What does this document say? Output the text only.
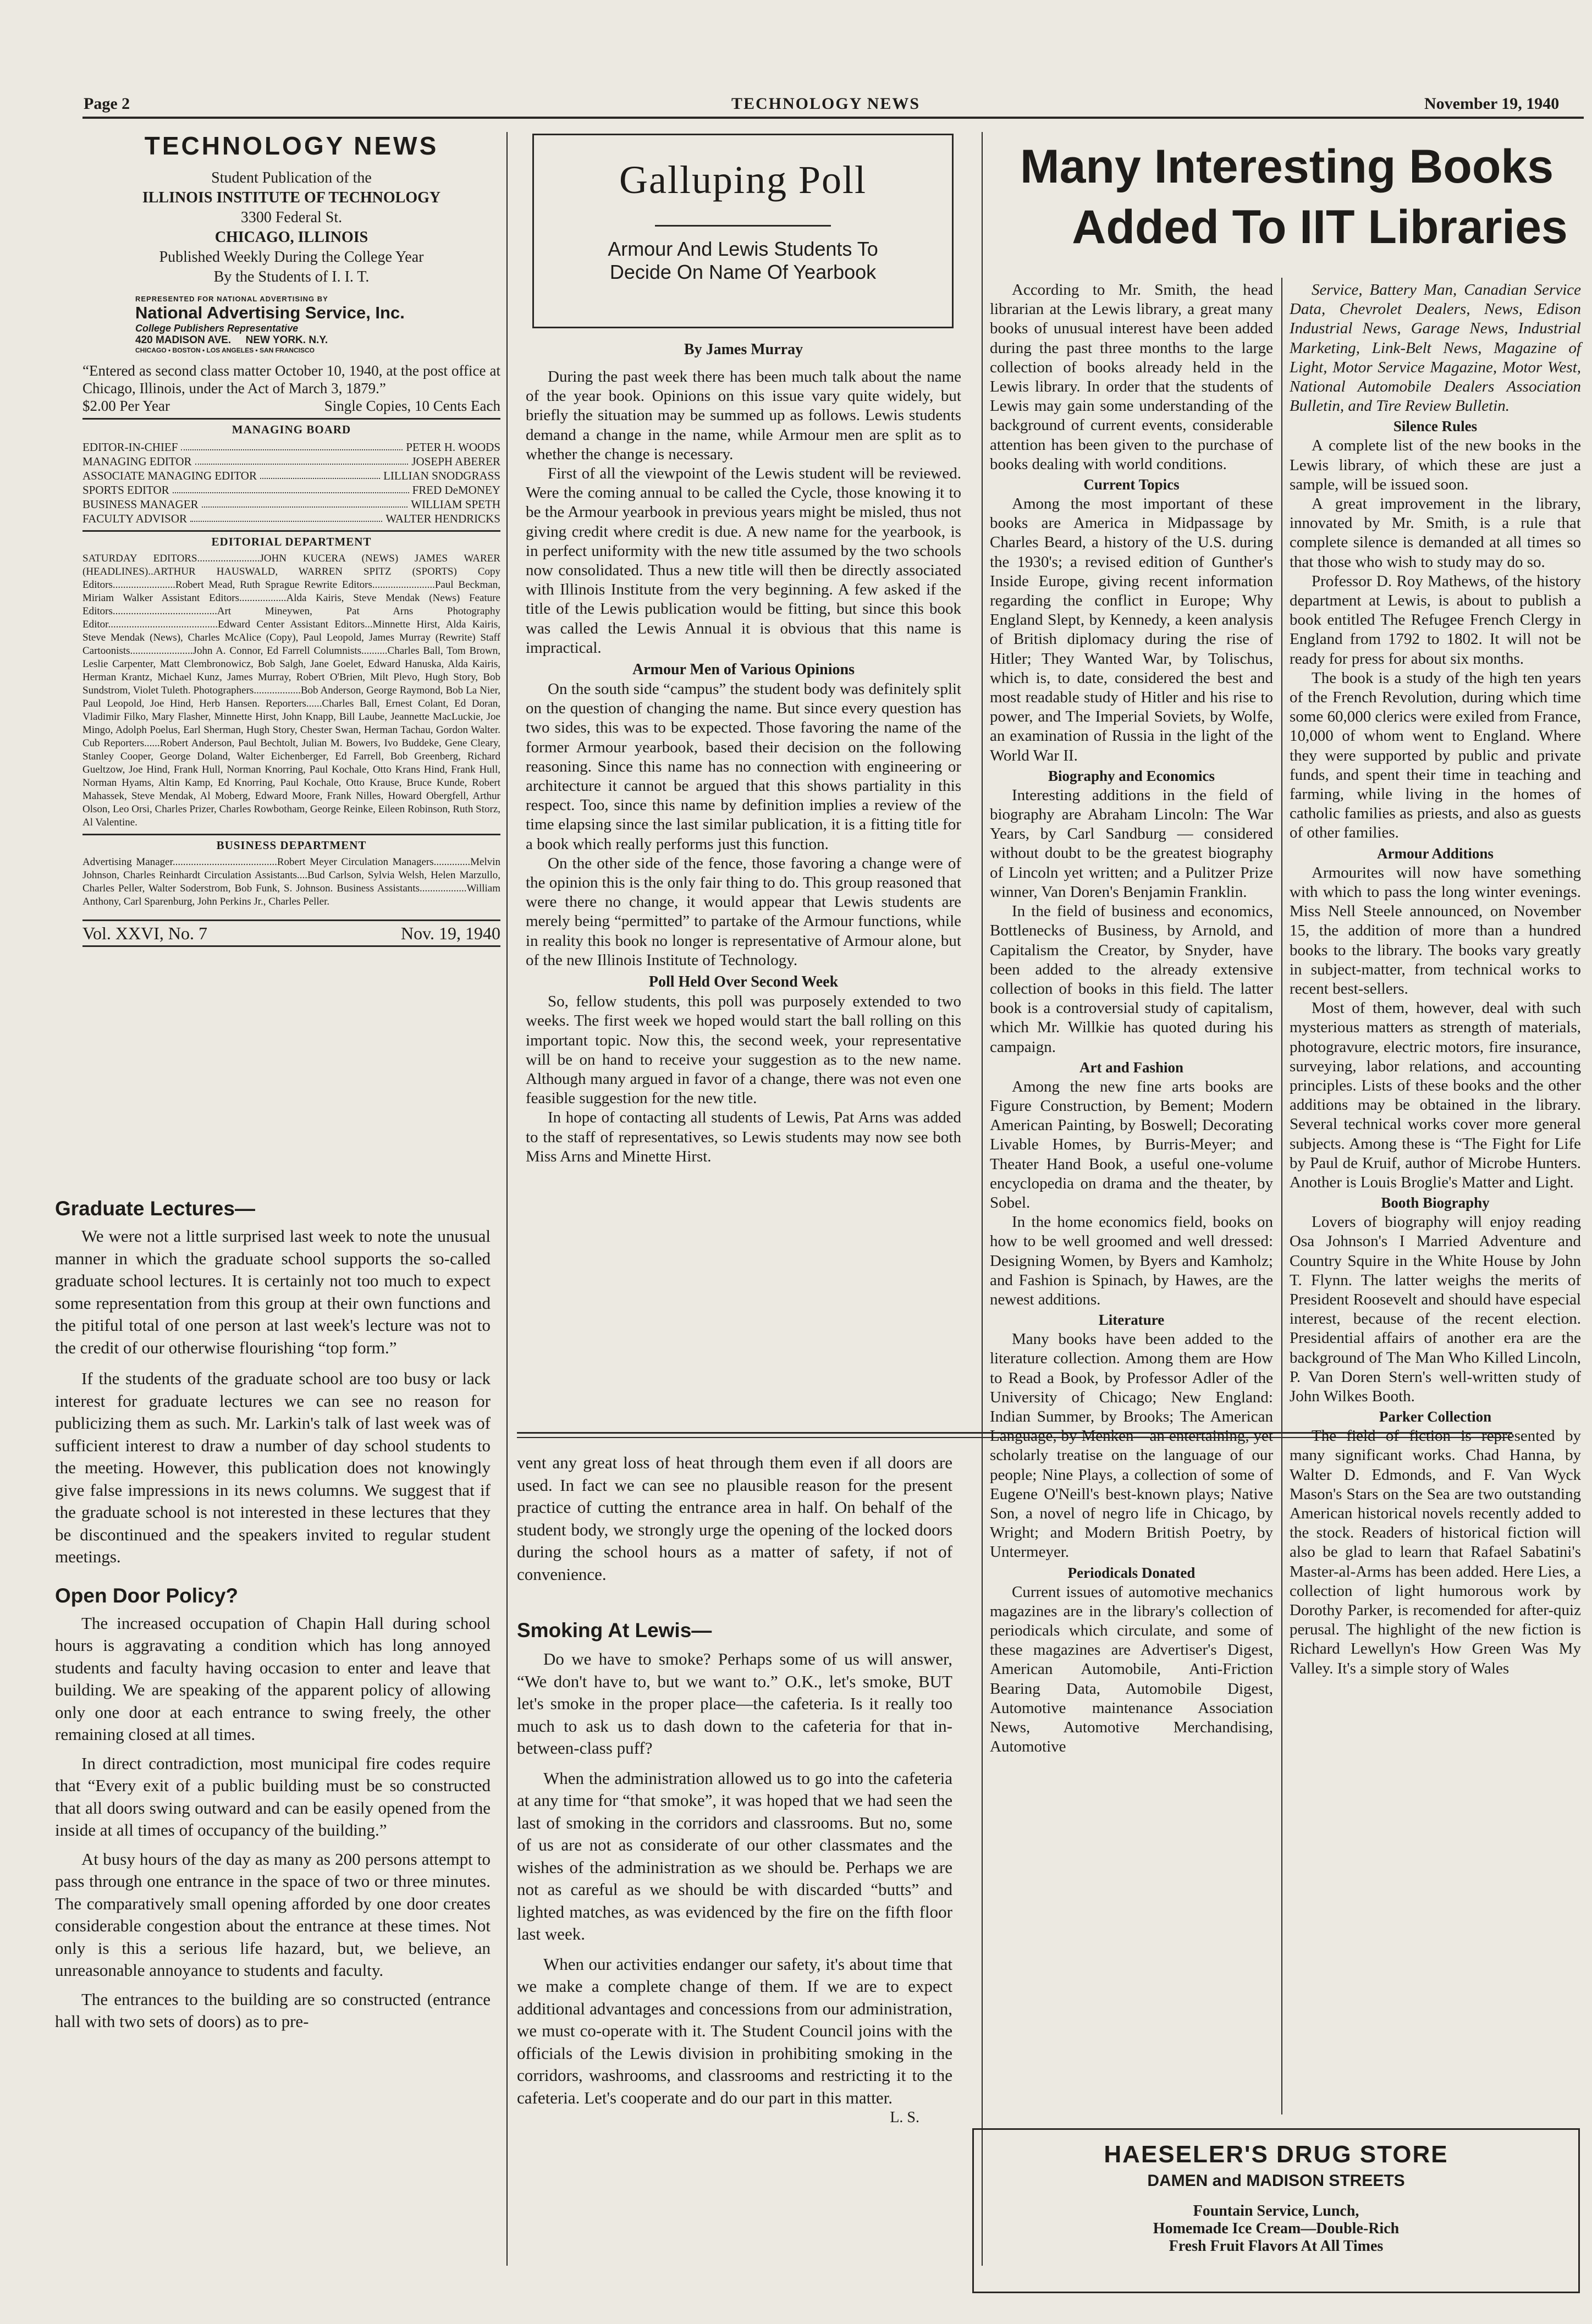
Page 2	TECHNOLOGY NEWS	November 19, 1940
TECHNOLOGY NEWS
Student Publication of the
ILLINOIS INSTITUTE OF TECHNOLOGY
3300 Federal St.
CHICAGO, ILLINOIS
Published Weekly During the College Year
By the Students of I. I. T.
REPRESENTED FOR NATIONAL ADVERTISING BY
National Advertising Service, Inc.
College Publishers Representative
420 MADISON AVE.     NEW YORK. N.Y.
CHICAGO • BOSTON • LOS ANGELES • SAN FRANCISCO

“Entered as second class matter October 10, 1940, at the post office at Chicago, Illinois, under the Act of March 3, 1879.”

$2.00 Per Year	Single Copies, 10 Cents Each
MANAGING BOARD
EDITOR-IN-CHIEF	PETER H. WOODS
MANAGING EDITOR	JOSEPH ABERER
ASSOCIATE MANAGING EDITOR	LILLIAN SNODGRASS
SPORTS EDITOR	FRED DeMONEY
BUSINESS MANAGER	WILLIAM SPETH
FACULTY ADVISOR	WALTER HENDRICKS
EDITORIAL DEPARTMENT

SATURDAY EDITORS........................JOHN KUCERA (NEWS) JAMES WARER (HEADLINES)..ARTHUR HAUSWALD, WARREN SPITZ (SPORTS) Copy Editors........................Robert Mead, Ruth Sprague Rewrite Editors........................Paul Beckman, Miriam Walker Assistant Editors..................Alda Kairis, Steve Mendak (News) Feature Editors........................................Art Mineywen, Pat Arns Photography Editor..........................................Edward Center Assistant Editors...Minnette Hirst, Alda Kairis, Steve Mendak (News), Charles McAlice (Copy), Paul Leopold, James Murray (Rewrite) Staff Cartoonists........................John A. Connor, Ed Farrell Columnists..........Charles Ball, Tom Brown, Leslie Carpenter, Matt Clembronowicz, Bob Salgh, Jane Goelet, Edward Hanuska, Alda Kairis, Herman Krantz, Michael Kunz, James Murray, Robert O'Brien, Milt Plevo, Hugh Story, Bob Sundstrom, Violet Tuleth. Photographers..................Bob Anderson, George Raymond, Bob La Nier, Paul Leopold, Joe Hind, Herb Hansen. Reporters......Charles Ball, Ernest Colant, Ed Doran, Vladimir Filko, Mary Flasher, Minnette Hirst, John Knapp, Bill Laube, Jeannette MacLuckie, Joe Mingo, Adolph Poelus, Earl Sherman, Hugh Story, Chester Swan, Herman Tachau, Gordon Walter. Cub Reporters......Robert Anderson, Paul Bechtolt, Julian M. Bowers, Ivo Buddeke, Gene Cleary, Stanley Cooper, George Doland, Walter Eichenberger, Ed Farrell, Bob Greenberg, Richard Gueltzow, Joe Hind, Frank Hull, Norman Knorring, Paul Kochale, Otto Krans Hind, Frank Hull, Norman Hyams, Altin Kamp, Ed Knorring, Paul Kochale, Otto Krause, Bruce Kunde, Robert Mahassek, Steve Mendak, Al Moberg, Edward Moore, Frank Nilles, Howard Obergfell, Arthur Olson, Leo Orsi, Charles Prizer, Charles Rowbotham, George Reinke, Eileen Robinson, Ruth Storz, Al Valentine.

BUSINESS DEPARTMENT

Advertising Manager........................................Robert Meyer Circulation Managers..............Melvin Johnson, Charles Reinhardt Circulation Assistants....Bud Carlson, Sylvia Welsh, Helen Marzullo, Charles Peller, Walter Soderstrom, Bob Funk, S. Johnson. Business Assistants..................William Anthony, Carl Sparenburg, John Perkins Jr., Charles Peller.

Vol. XXVI, No. 7	Nov. 19, 1940
Graduate Lectures—

We were not a little surprised last week to note the unusual manner in which the graduate school supports the so-called graduate school lectures. It is certainly not too much to expect some representation from this group at their own functions and the pitiful total of one person at last week's lecture was not to the credit of our otherwise flourishing “top form.”

If the students of the graduate school are too busy or lack interest for graduate lectures we can see no reason for publicizing them as such. Mr. Larkin's talk of last week was of sufficient interest to draw a number of day school students to the meeting. However, this publication does not knowingly give false impressions in its news columns. We suggest that if the graduate school is not interested in these lectures that they be discontinued and the speakers invited to regular student meetings.

Open Door Policy?

The increased occupation of Chapin Hall during school hours is aggravating a condition which has long annoyed students and faculty having occasion to enter and leave that building. We are speaking of the apparent policy of allowing only one door at each entrance to swing freely, the other remaining closed at all times.

In direct contradiction, most municipal fire codes require that “Every exit of a public building must be so constructed that all doors swing outward and can be easily opened from the inside at all times of occupancy of the building.”

At busy hours of the day as many as 200 persons attempt to pass through one entrance in the space of two or three minutes. The comparatively small opening afforded by one door creates considerable congestion about the entrance at these times. Not only is this a serious life hazard, but, we believe, an unreasonable annoyance to students and faculty.

The entrances to the building are so constructed (entrance hall with two sets of doors) as to pre-

Galluping Poll
Armour And Lewis Students To Decide On Name Of Yearbook
By James Murray

During the past week there has been much talk about the name of the year book. Opinions on this issue vary quite widely, but briefly the situation may be summed up as follows. Lewis students demand a change in the name, while Armour men are split as to whether the change is necessary.

First of all the viewpoint of the Lewis student will be reviewed. Were the coming annual to be called the Cycle, those knowing it to be the Armour yearbook in previous years might be misled, thus not giving credit where credit is due. A new name for the yearbook, is in perfect uniformity with the new title assumed by the two schools now consolidated. Thus a new title will then be directly associated with Illinois Institute from the very beginning. A few asked if the title of the Lewis publication would be fitting, but since this book was called the Lewis Annual it is obvious that this name is impractical.

Armour Men of Various Opinions

On the south side “campus” the student body was definitely split on the question of changing the name. But since every question has two sides, this was to be expected. Those favoring the name of the former Armour yearbook, based their decision on the following reasoning. Since this name has no connection with engineering or architecture it cannot be argued that this shows partiality in this respect. Too, since this name by definition implies a review of the time elapsing since the last similar publication, it is a fitting title for a book which really performs just this function.

On the other side of the fence, those favoring a change were of the opinion this is the only fair thing to do. This group reasoned that were there no change, it would appear that Lewis students are merely being “permitted” to partake of the Armour functions, while in reality this book no longer is representative of Armour alone, but of the new Illinois Institute of Technology.

Poll Held Over Second Week

So, fellow students, this poll was purposely extended to two weeks. The first week we hoped would start the ball rolling on this important topic. Now this, the second week, your representative will be on hand to receive your suggestion as to the new name. Although many argued in favor of a change, there was not even one feasible suggestion for the new title.

In hope of contacting all students of Lewis, Pat Arns was added to the staff of representatives, so Lewis students may now see both Miss Arns and Minette Hirst.

vent any great loss of heat through them even if all doors are used. In fact we can see no plausible reason for the present practice of cutting the entrance area in half. On behalf of the student body, we strongly urge the opening of the locked doors during the school hours as a matter of safety, if not of convenience.

Smoking At Lewis—

Do we have to smoke? Perhaps some of us will answer, “We don't have to, but we want to.” O.K., let's smoke, BUT let's smoke in the proper place—the cafeteria. Is it really too much to ask us to dash down to the cafeteria for that in-between-class puff?

When the administration allowed us to go into the cafeteria at any time for “that smoke”, it was hoped that we had seen the last of smoking in the corridors and classrooms. But no, some of us are not as considerate of our other classmates and the wishes of the administration as we should be. Perhaps we are not as careful as we should be with discarded “butts” and lighted matches, as was evidenced by the fire on the fifth floor last week.

When our activities endanger our safety, it's about time that we make a complete change of them. If we are to expect additional advantages and concessions from our administration, we must co-operate with it. The Student Council joins with the officials of the Lewis division in prohibiting smoking in the corridors, washrooms, and classrooms and restricting it to the cafeteria. Let's cooperate and do our part in this matter.

L. S.
Many Interesting Books
Added To IIT Libraries

According to Mr. Smith, the head librarian at the Lewis library, a great many books of unusual interest have been added during the past three months to the large collection of books already held in the Lewis library. In order that the students of Lewis may gain some understanding of the background of current events, considerable attention has been given to the purchase of books dealing with world conditions.

Current Topics

Among the most important of these books are America in Midpassage by Charles Beard, a history of the U.S. during the 1930's; a revised edition of Gunther's Inside Europe, giving recent information regarding the conflict in Europe; Why England Slept, by Kennedy, a keen analysis of British diplomacy during the rise of Hitler; They Wanted War, by Tolischus, which is, to date, considered the best and most readable study of Hitler and his rise to power, and The Imperial Soviets, by Wolfe, an examination of Russia in the light of the World War II.

Biography and Economics

Interesting additions in the field of biography are Abraham Lincoln: The War Years, by Carl Sandburg — considered without doubt to be the greatest biography of Lincoln yet written; and a Pulitzer Prize winner, Van Doren's Benjamin Franklin.

In the field of business and economics, Bottlenecks of Business, by Arnold, and Capitalism the Creator, by Snyder, have been added to the already extensive collection of books in this field. The latter book is a controversial study of capitalism, which Mr. Willkie has quoted during his campaign.

Art and Fashion

Among the new fine arts books are Figure Construction, by Bement; Modern American Painting, by Boswell; Decorating Livable Homes, by Burris-Meyer; and Theater Hand Book, a useful one-volume encyclopedia on drama and the theater, by Sobel.

In the home economics field, books on how to be well groomed and well dressed: Designing Women, by Byers and Kamholz; and Fashion is Spinach, by Hawes, are the newest additions.

Literature

Many books have been added to the literature collection. Among them are How to Read a Book, by Professor Adler of the University of Chicago; New England: Indian Summer, by Brooks; The American Language, by Menken—an entertaining, yet scholarly treatise on the language of our people; Nine Plays, a collection of some of Eugene O'Neill's best-known plays; Native Son, a novel of negro life in Chicago, by Wright; and Modern British Poetry, by Untermeyer.

Periodicals Donated

Current issues of automotive mechanics magazines are in the library's collection of periodicals which circulate, and some of these magazines are Advertiser's Digest, American Automobile, Anti-Friction Bearing Data, Automobile Digest, Automotive maintenance Association News, Automotive Merchandising, Automotive

Service, Battery Man, Canadian Service Data, Chevrolet Dealers, News, Edison Industrial News, Garage News, Industrial Marketing, Link-Belt News, Magazine of Light, Motor Service Magazine, Motor West, National Automobile Dealers Association Bulletin, and Tire Review Bulletin.

Silence Rules

A complete list of the new books in the Lewis library, of which these are just a sample, will be issued soon.

A great improvement in the library, innovated by Mr. Smith, is a rule that complete silence is demanded at all times so that those who wish to study may do so.

Professor D. Roy Mathews, of the history department at Lewis, is about to publish a book entitled The Refugee French Clergy in England from 1792 to 1802. It will not be ready for press for about six months.

The book is a study of the high ten years of the French Revolution, during which time some 60,000 clerics were exiled from France, 10,000 of whom went to England. Where they were supported by public and private funds, and spent their time in teaching and farming, while living in the homes of catholic families as priests, and also as guests of other families.

Armour Additions

Armourites will now have something with which to pass the long winter evenings. Miss Nell Steele announced, on November 15, the addition of more than a hundred books to the library. The books vary greatly in subject-matter, from technical works to recent best-sellers.

Most of them, however, deal with such mysterious matters as strength of materials, photogravure, electric motors, fire insurance, surveying, labor relations, and accounting principles. Lists of these books and the other additions may be obtained in the library. Several technical works cover more general subjects. Among these is “The Fight for Life by Paul de Kruif, author of Microbe Hunters. Another is Louis Broglie's Matter and Light.

Booth Biography

Lovers of biography will enjoy reading Osa Johnson's I Married Adventure and Country Squire in the White House by John T. Flynn. The latter weighs the merits of President Roosevelt and should have especial interest, because of the recent election. Presidential affairs of another era are the background of The Man Who Killed Lincoln, P. Van Doren Stern's well-written study of John Wilkes Booth.

Parker Collection

The field of fiction is represented by many significant works. Chad Hanna, by Walter D. Edmonds, and F. Van Wyck Mason's Stars on the Sea are two outstanding American historical novels recently added to the stock. Readers of historical fiction will also be glad to learn that Rafael Sabatini's Master-al-Arms has been added. Here Lies, a collection of light humorous work by Dorothy Parker, is recomended for after-quiz perusal. The highlight of the new fiction is Richard Lewellyn's How Green Was My Valley. It's a simple story of Wales

HAESELER'S DRUG STORE
DAMEN and MADISON STREETS
Fountain Service, Lunch,
Homemade Ice Cream—Double-Rich
Fresh Fruit Flavors At All Times
